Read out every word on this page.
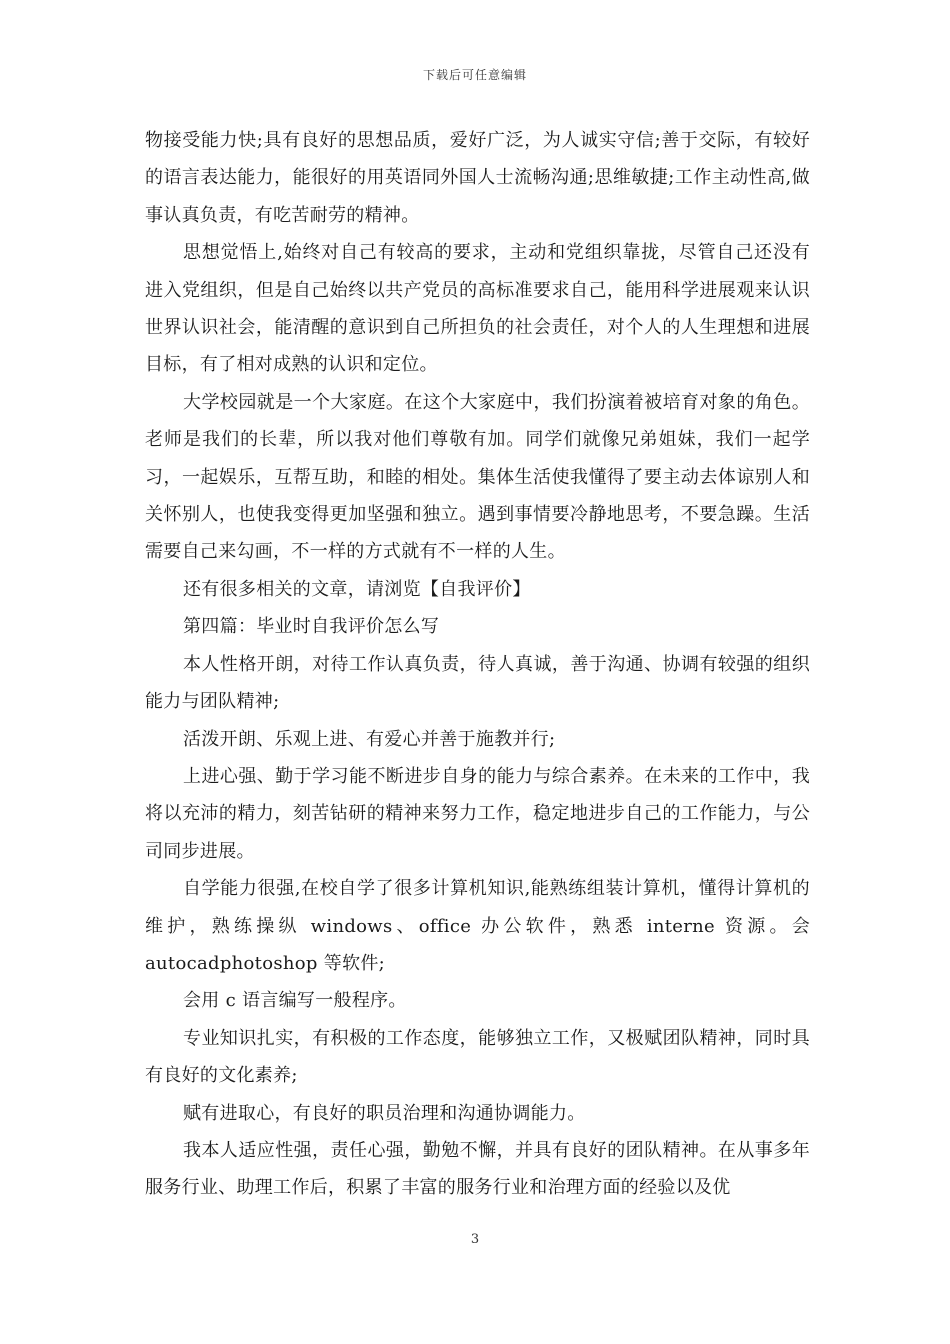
下载后可任意编辑

物接受能力快;具有良好的思想品质，爱好广泛，为人诚实守信;善于交际，有较好的语言表达能力，能很好的用英语同外国人士流畅沟通;思维敏捷;工作主动性高,做事认真负责，有吃苦耐劳的精神。

思想觉悟上,始终对自己有较高的要求，主动和党组织靠拢，尽管自己还没有进入党组织，但是自己始终以共产党员的高标准要求自己，能用科学进展观来认识世界认识社会，能清醒的意识到自己所担负的社会责任，对个人的人生理想和进展目标，有了相对成熟的认识和定位。

大学校园就是一个大家庭。在这个大家庭中，我们扮演着被培育对象的角色。老师是我们的长辈，所以我对他们尊敬有加。同学们就像兄弟姐妹，我们一起学习，一起娱乐，互帮互助，和睦的相处。集体生活使我懂得了要主动去体谅别人和关怀别人，也使我变得更加坚强和独立。遇到事情要冷静地思考，不要急躁。生活需要自己来勾画，不一样的方式就有不一样的人生。

还有很多相关的文章，请浏览【自我评价】

第四篇：毕业时自我评价怎么写

本人性格开朗，对待工作认真负责，待人真诚，善于沟通、协调有较强的组织能力与团队精神;

活泼开朗、乐观上进、有爱心并善于施教并行;

上进心强、勤于学习能不断进步自身的能力与综合素养。在未来的工作中，我将以充沛的精力，刻苦钻研的精神来努力工作，稳定地进步自己的工作能力，与公司同步进展。

自学能力很强,在校自学了很多计算机知识,能熟练组装计算机，懂得计算机的维护，熟练操纵 windows、office 办公软件，熟悉 interne 资源。会autocadphotoshop 等软件;

会用 c 语言编写一般程序。

专业知识扎实，有积极的工作态度，能够独立工作，又极赋团队精神，同时具有良好的文化素养;

赋有进取心，有良好的职员治理和沟通协调能力。

我本人适应性强，责任心强，勤勉不懈，并具有良好的团队精神。在从事多年服务行业、助理工作后，积累了丰富的服务行业和治理方面的经验以及优

3
